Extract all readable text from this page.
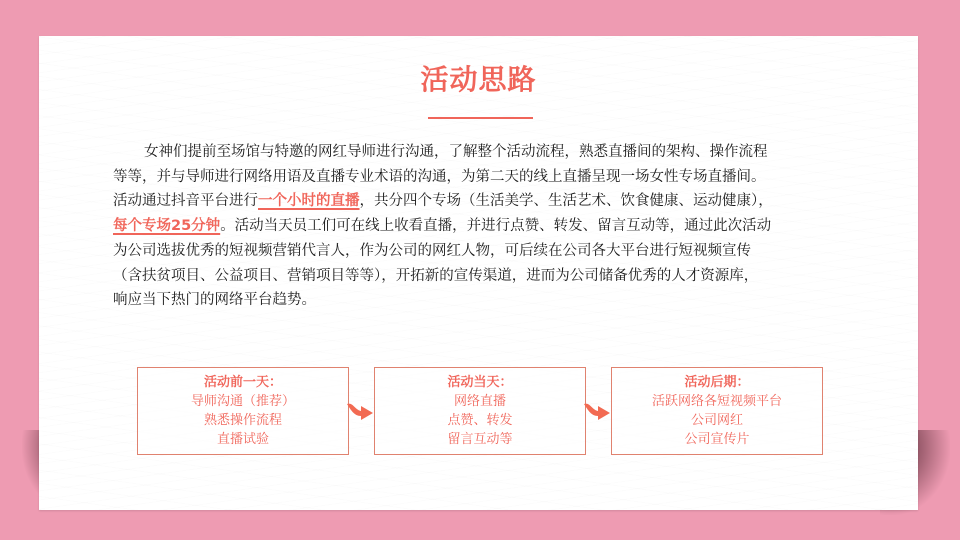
活动思路
女神们提前至场馆与特邀的网红导师进行沟通，了解整个活动流程，熟悉直播间的架构、操作流程
等等，并与导师进行网络用语及直播专业术语的沟通，为第二天的线上直播呈现一场女性专场直播间。
活动通过抖音平台进行一个小时的直播，共分四个专场（生活美学、生活艺术、饮食健康、运动健康），
每个专场25分钟。活动当天员工们可在线上收看直播，并进行点赞、转发、留言互动等，通过此次活动
为公司选拔优秀的短视频营销代言人，作为公司的网红人物，可后续在公司各大平台进行短视频宣传
（含扶贫项目、公益项目、营销项目等等），开拓新的宣传渠道，进而为公司储备优秀的人才资源库，
响应当下热门的网络平台趋势。
活动前一天：
导师沟通（推荐）
熟悉操作流程
直播试验
活动当天：
网络直播
点赞、转发
留言互动等
活动后期：
活跃网络各短视频平台
公司网红
公司宣传片
